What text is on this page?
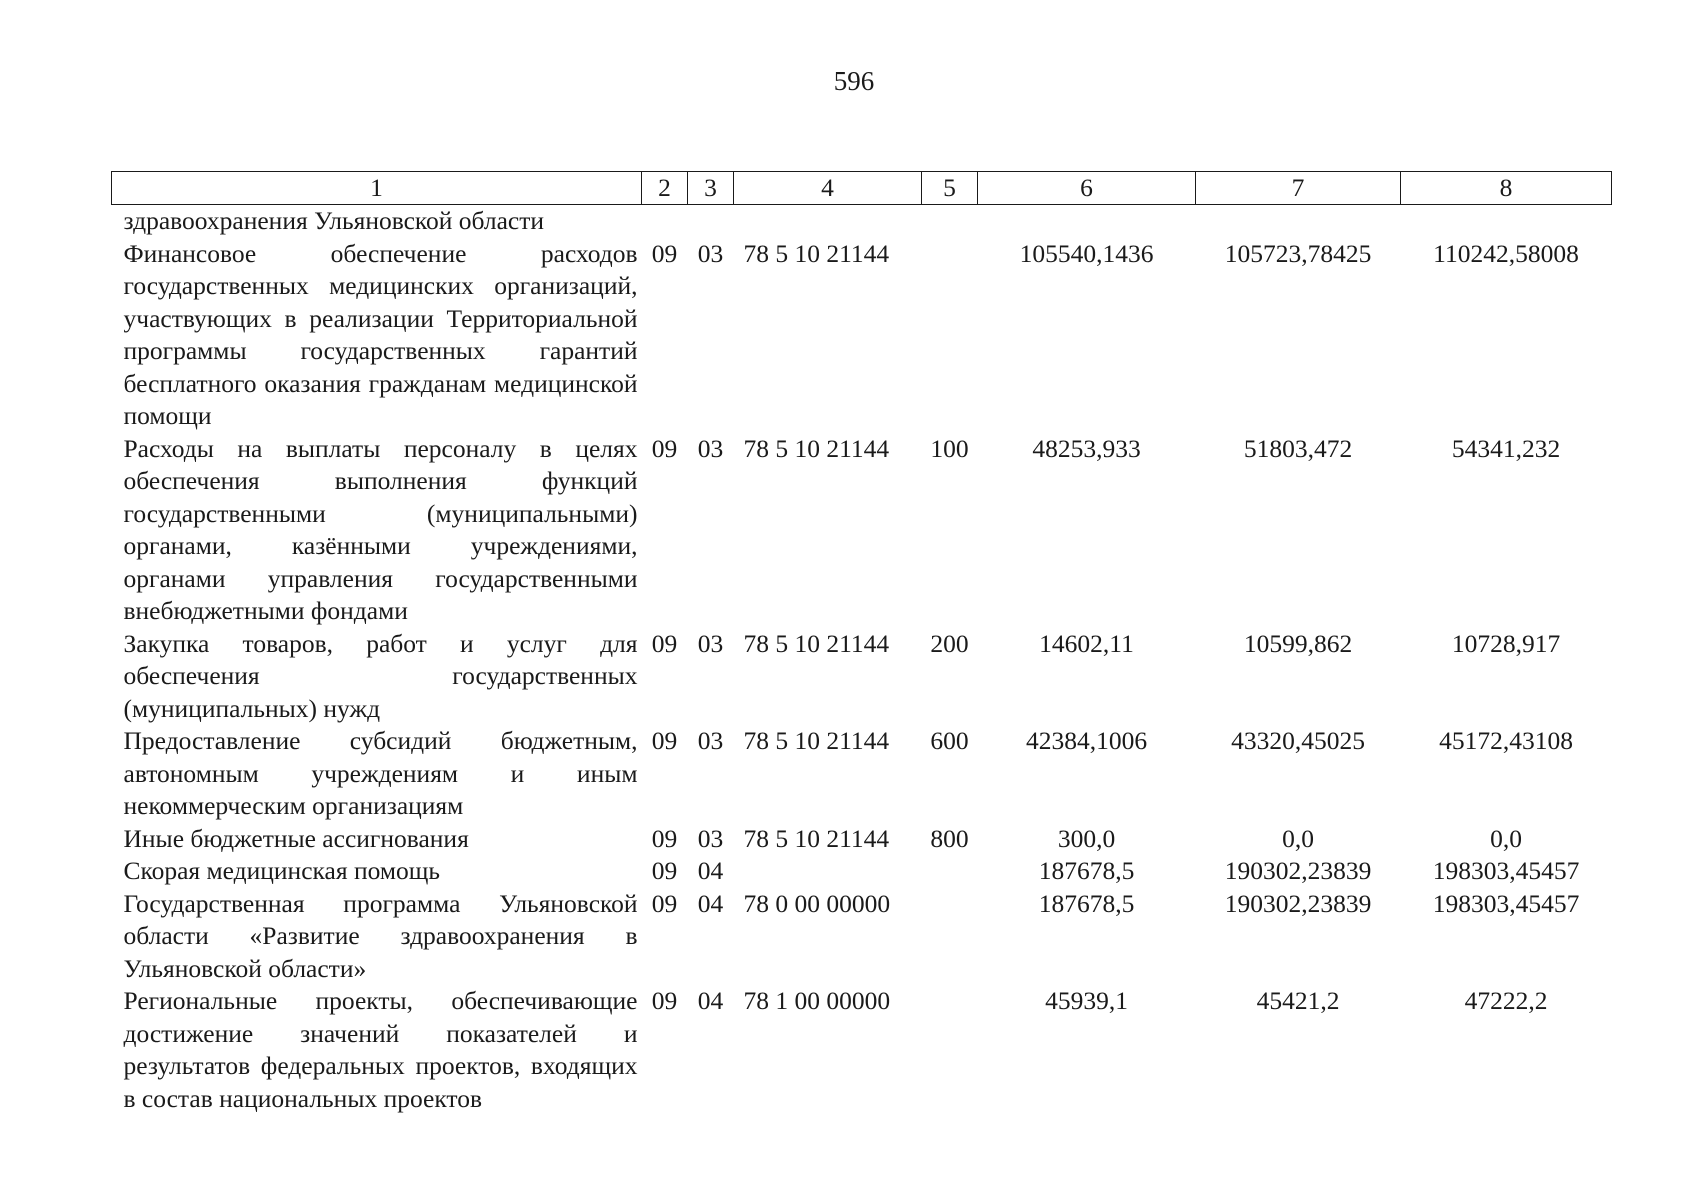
596
1	2	3	4	5	6	7	8
здравоохранения Ульяновской области							
Финансовое обеспечение расходов государственных медицинских организаций, участвующих в реализации Территориальной программы государственных гарантий бесплатного оказания гражданам медицинской помощи	09	03	78 5 10 21144		105540,1436	105723,78425	110242,58008
Расходы на выплаты персоналу в целях обеспечения выполнения функций государственными (муниципальными) органами, казёнными учреждениями, органами управления государственными внебюджетными фондами	09	03	78 5 10 21144	100	48253,933	51803,472	54341,232
Закупка товаров, работ и услуг для обеспечения государственных (муниципальных) нужд	09	03	78 5 10 21144	200	14602,11	10599,862	10728,917
Предоставление субсидий бюджетным, автономным учреждениям и иным некоммерческим организациям	09	03	78 5 10 21144	600	42384,1006	43320,45025	45172,43108
Иные бюджетные ассигнования	09	03	78 5 10 21144	800	300,0	0,0	0,0
Скорая медицинская помощь	09	04			187678,5	190302,23839	198303,45457
Государственная программа Ульяновской области «Развитие здравоохранения в Ульяновской области»	09	04	78 0 00 00000		187678,5	190302,23839	198303,45457
Региональные проекты, обеспечивающие достижение значений показателей и результатов федеральных проектов, входящих в состав национальных проектов	09	04	78 1 00 00000		45939,1	45421,2	47222,2
